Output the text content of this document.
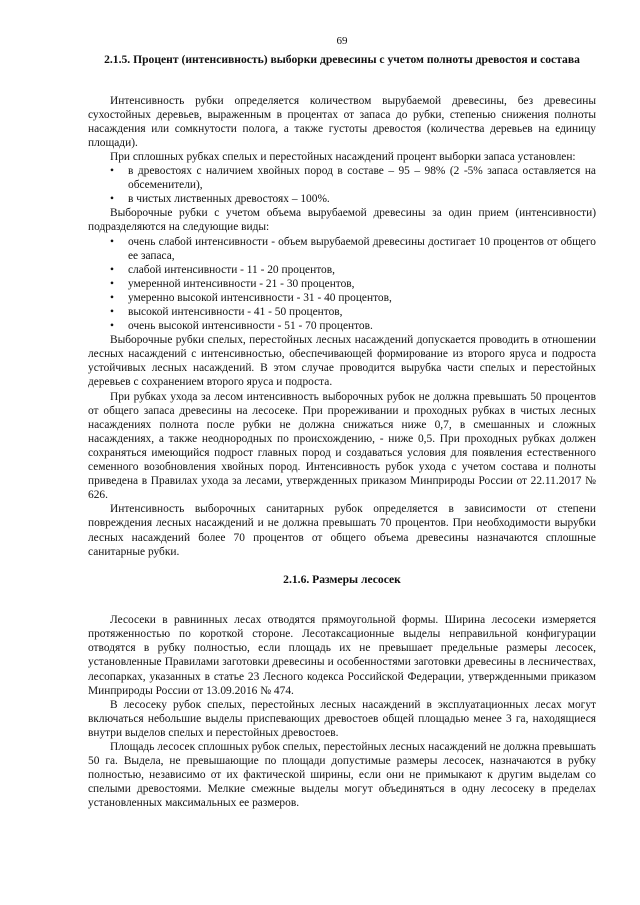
69
2.1.5. Процент (интенсивность) выборки древесины с учетом полноты древостоя и состава

Интенсивность рубки определяется количеством вырубаемой древесины, без древесины сухостойных деревьев, выраженным в процентах от запаса до рубки, степенью снижения полноты насаждения или сомкнутости полога, а также густоты древостоя (количества деревьев на единицу площади).

При сплошных рубках спелых и перестойных насаждений процент выборки запаса установлен:

• в древостоях с наличием хвойных пород в составе – 95 – 98% (2 -5% запаса оставляется на обсеменители),
• в чистых лиственных древостоях – 100%.

Выборочные рубки с учетом объема вырубаемой древесины за один прием (интенсивности) подразделяются на следующие виды:

• очень слабой интенсивности - объем вырубаемой древесины достигает 10 процентов от общего ее запаса,
• слабой интенсивности - 11 - 20 процентов,
• умеренной интенсивности - 21 - 30 процентов,
• умеренно высокой интенсивности - 31 - 40 процентов,
• высокой интенсивности - 41 - 50 процентов,
• очень высокой интенсивности - 51 - 70 процентов.

Выборочные рубки спелых, перестойных лесных насаждений допускается проводить в отношении лесных насаждений с интенсивностью, обеспечивающей формирование из второго яруса и подроста устойчивых лесных насаждений. В этом случае проводится вырубка части спелых и перестойных деревьев с сохранением второго яруса и подроста.

При рубках ухода за лесом интенсивность выборочных рубок не должна превышать 50 процентов от общего запаса древесины на лесосеке. При прореживании и проходных рубках в чистых лесных насаждениях полнота после рубки не должна снижаться ниже 0,7, в смешанных и сложных насаждениях, а также неоднородных по происхождению, - ниже 0,5. При проходных рубках должен сохраняться имеющийся подрост главных пород и создаваться условия для появления естественного семенного возобновления хвойных пород. Интенсивность рубок ухода с учетом состава и полноты приведена в Правилах ухода за лесами, утвержденных приказом Минприроды России от 22.11.2017 № 626.

Интенсивность выборочных санитарных рубок определяется в зависимости от степени повреждения лесных насаждений и не должна превышать 70 процентов. При необходимости вырубки лесных насаждений более 70 процентов от общего объема древесины назначаются сплошные санитарные рубки.

2.1.6. Размеры лесосек

Лесосеки в равнинных лесах отводятся прямоугольной формы. Ширина лесосеки измеряется протяженностью по короткой стороне. Лесотаксационные выделы неправильной конфигурации отводятся в рубку полностью, если площадь их не превышает предельные размеры лесосек, установленные Правилами заготовки древесины и особенностями заготовки древесины в лесничествах, лесопарках, указанных в статье 23 Лесного кодекса Российской Федерации, утвержденными приказом Минприроды России от 13.09.2016 № 474.

В лесосеку рубок спелых, перестойных лесных насаждений в эксплуатационных лесах могут включаться небольшие выделы приспевающих древостоев общей площадью менее 3 га, находящиеся внутри выделов спелых и перестойных древостоев.

Площадь лесосек сплошных рубок спелых, перестойных лесных насаждений не должна превышать 50 га. Выдела, не превышающие по площади допустимые размеры лесосек, назначаются в рубку полностью, независимо от их фактической ширины, если они не примыкают к другим выделам со спелыми древостоями. Мелкие смежные выделы могут объединяться в одну лесосеку в пределах установленных максимальных ее размеров.
